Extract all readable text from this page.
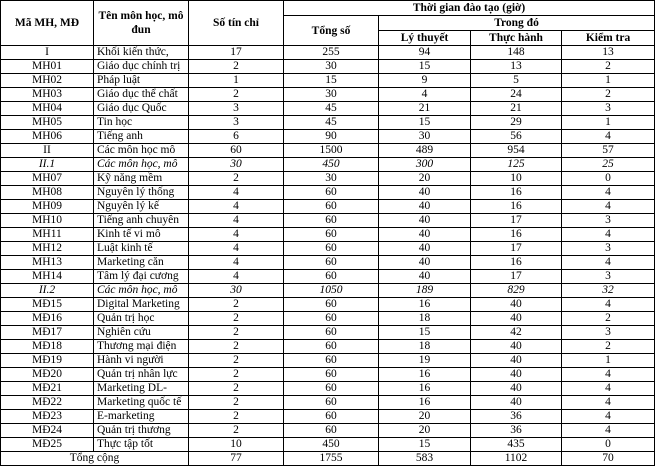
Mã MH, MĐ	Tên môn học, mô đun	Số tín chỉ	Thời gian đào tạo (giờ)			
			Tổng số	Trong đó		
				Lý thuyết	Thực hành	Kiểm tra
I	Khối kiến thức,	17	255	94	148	13
MH01	Giáo dục chính trị	2	30	15	13	2
MH02	Pháp luật	1	15	9	5	1
MH03	Giáo dục thể chất	2	30	4	24	2
MH04	Giáo dục Quốc	3	45	21	21	3
MH05	Tin học	3	45	15	29	1
MH06	Tiếng anh	6	90	30	56	4
II	Các môn học mô	60	1500	489	954	57
II.1	Các môn học, mô	30	450	300	125	25
MH07	Kỹ năng mềm	2	30	20	10	0
MH08	Nguyên lý thống	4	60	40	16	4
MH09	Nguyên lý kế	4	60	40	16	4
MH10	Tiếng anh chuyên	4	60	40	17	3
MH11	Kinh tế vi mô	4	60	40	16	4
MH12	Luật kinh tế	4	60	40	17	3
MH13	Marketing căn	4	60	40	16	4
MH14	Tâm lý đại cương	4	60	40	17	3
II.2	Các môn học, mô	30	1050	189	829	32
MĐ15	Digital Marketing	2	60	16	40	4
MĐ16	Quản trị học	2	60	18	40	2
MĐ17	Nghiên cứu	2	60	15	42	3
MĐ18	Thương mại điện	2	60	18	40	2
MĐ19	Hành vi người	2	60	19	40	1
MĐ20	Quản trị nhân lực	2	60	16	40	4
MĐ21	Marketing DL-	2	60	16	40	4
MĐ22	Marketing quốc tế	2	60	16	40	4
MĐ23	E-marketing	2	60	20	36	4
MĐ24	Quản trị thương	2	60	20	36	4
MĐ25	Thực tập tốt	10	450	15	435	0
Tổng cộng		77	1755	583	1102	70
